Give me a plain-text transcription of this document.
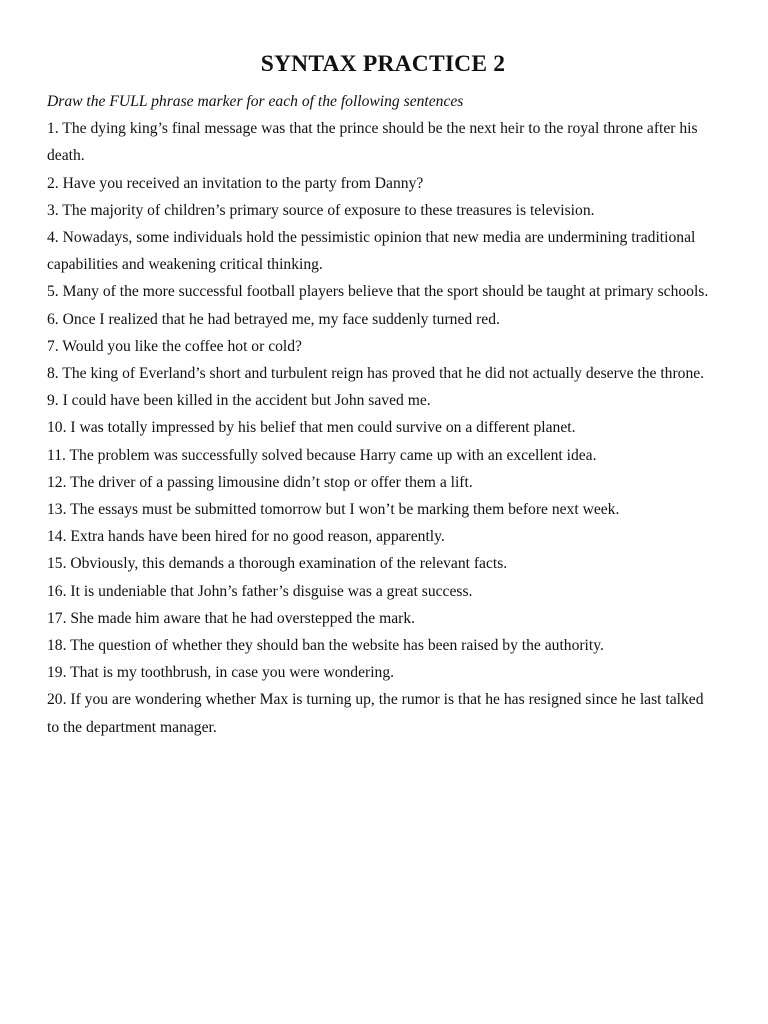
SYNTAX PRACTICE 2

Draw the FULL phrase marker for each of the following sentences

1. The dying king’s final message was that the prince should be the next heir to the royal throne after his death.
2. Have you received an invitation to the party from Danny?
3. The majority of children’s primary source of exposure to these treasures is television.
4. Nowadays, some individuals hold the pessimistic opinion that new media are undermining traditional capabilities and weakening critical thinking.
5. Many of the more successful football players believe that the sport should be taught at primary schools.
6. Once I realized that he had betrayed me, my face suddenly turned red.
7. Would you like the coffee hot or cold?
8. The king of Everland’s short and turbulent reign has proved that he did not actually deserve the throne.
9. I could have been killed in the accident but John saved me.
10. I was totally impressed by his belief that men could survive on a different planet.
11. The problem was successfully solved because Harry came up with an excellent idea.
12. The driver of a passing limousine didn’t stop or offer them a lift.
13. The essays must be submitted tomorrow but I won’t be marking them before next week.
14. Extra hands have been hired for no good reason, apparently.
15. Obviously, this demands a thorough examination of the relevant facts.
16. It is undeniable that John’s father’s disguise was a great success.
17. She made him aware that he had overstepped the mark.
18. The question of whether they should ban the website has been raised by the authority.
19. That is my toothbrush, in case you were wondering.
20. If you are wondering whether Max is turning up, the rumor is that he has resigned since he last talked to the department manager.
